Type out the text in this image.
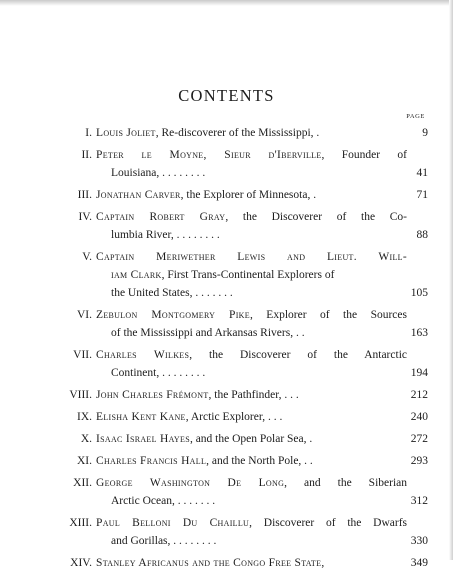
CONTENTS
PAGE
I. Louis Joliet, Re-discoverer of the Mississippi, .	9
II. Peter le Moyne, Sieur d'Iberville, Founder of
Louisiana, . . . . . . . .	41
III. Jonathan Carver, the Explorer of Minnesota, .	71
IV. Captain Robert Gray, the Discoverer of the Co-
lumbia River, . . . . . . . .	88
V. Captain Meriwether Lewis and Lieut. Will-
iam Clark, First Trans-Continental Explorers of
the United States, . . . . . . .	105
VI. Zebulon Montgomery Pike, Explorer of the Sources
of the Mississippi and Arkansas Rivers, . .	163
VII. Charles Wilkes, the Discoverer of the Antarctic
Continent, . . . . . . . .	194
VIII. John Charles Frémont, the Pathfinder, . . .	212
IX. Elisha Kent Kane, Arctic Explorer, . . .	240
X. Isaac Israel Hayes, and the Open Polar Sea, .	272
XI. Charles Francis Hall, and the North Pole, . .	293
XII. George Washington De Long, and the Siberian
Arctic Ocean, . . . . . . .	312
XIII. Paul Belloni Du Chaillu, Discoverer of the Dwarfs
and Gorillas, . . . . . . . .	330
XIV. Stanley Africanus and the Congo Free State,	349
